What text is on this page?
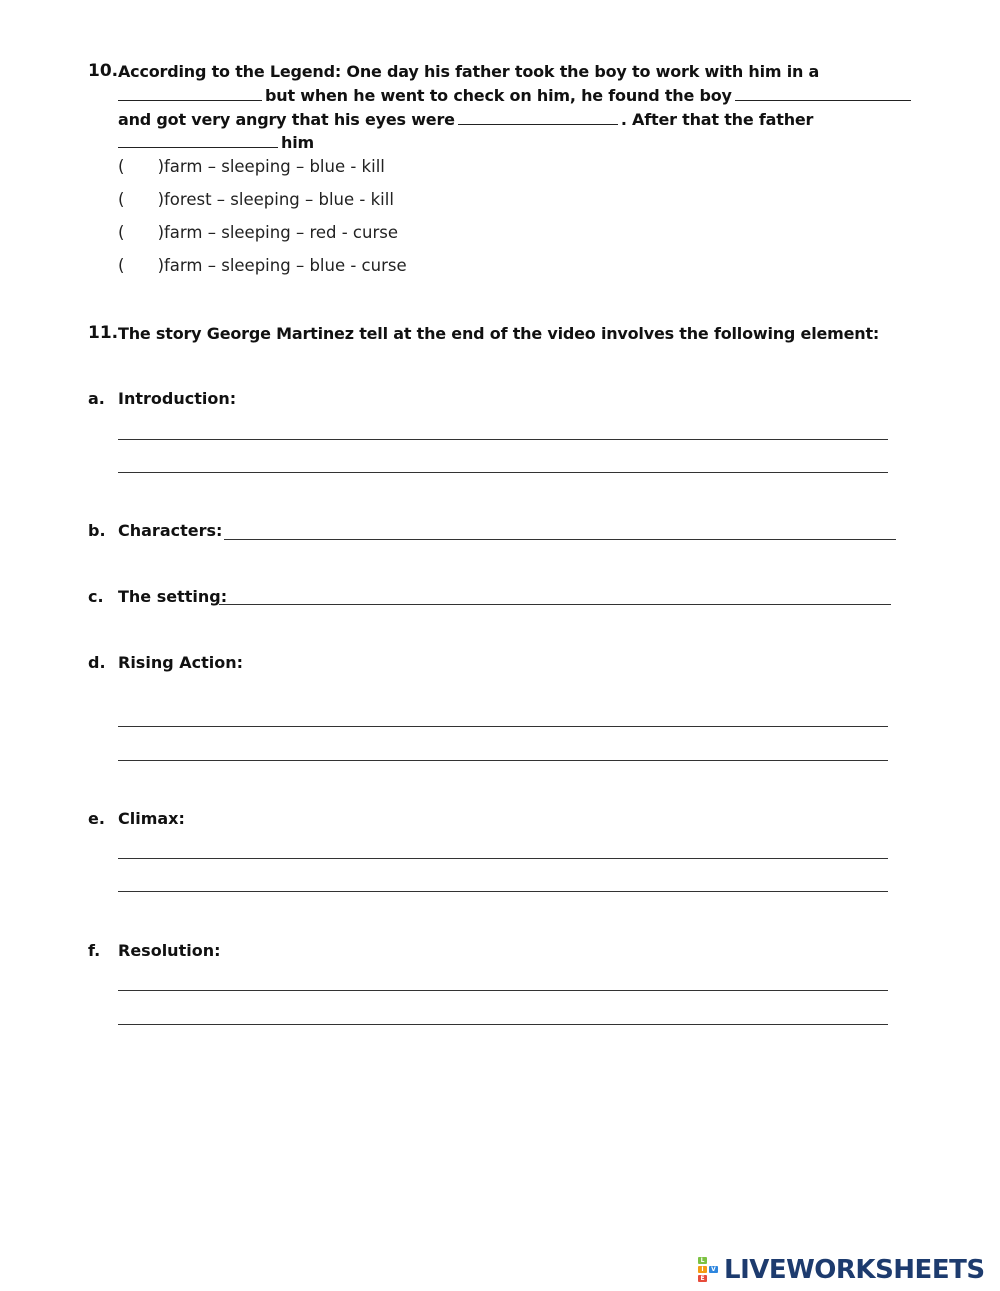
10. According to the Legend: One day his father took the boy to work with him in a
but when he went to check on him, he found the boy
and got very angry that his eyes were	. After that the father
him
( )farm – sleeping – blue - kill
( )forest – sleeping – blue - kill
( )farm – sleeping – red - curse
( )farm – sleeping – blue - curse
11. The story George Martinez tell at the end of the video involves the following element:
a. Introduction:
b. Characters:
c. The setting:
d. Rising Action:
e. Climax:
f. Resolution:
L
I	V
E LIVEWORKSHEETS
